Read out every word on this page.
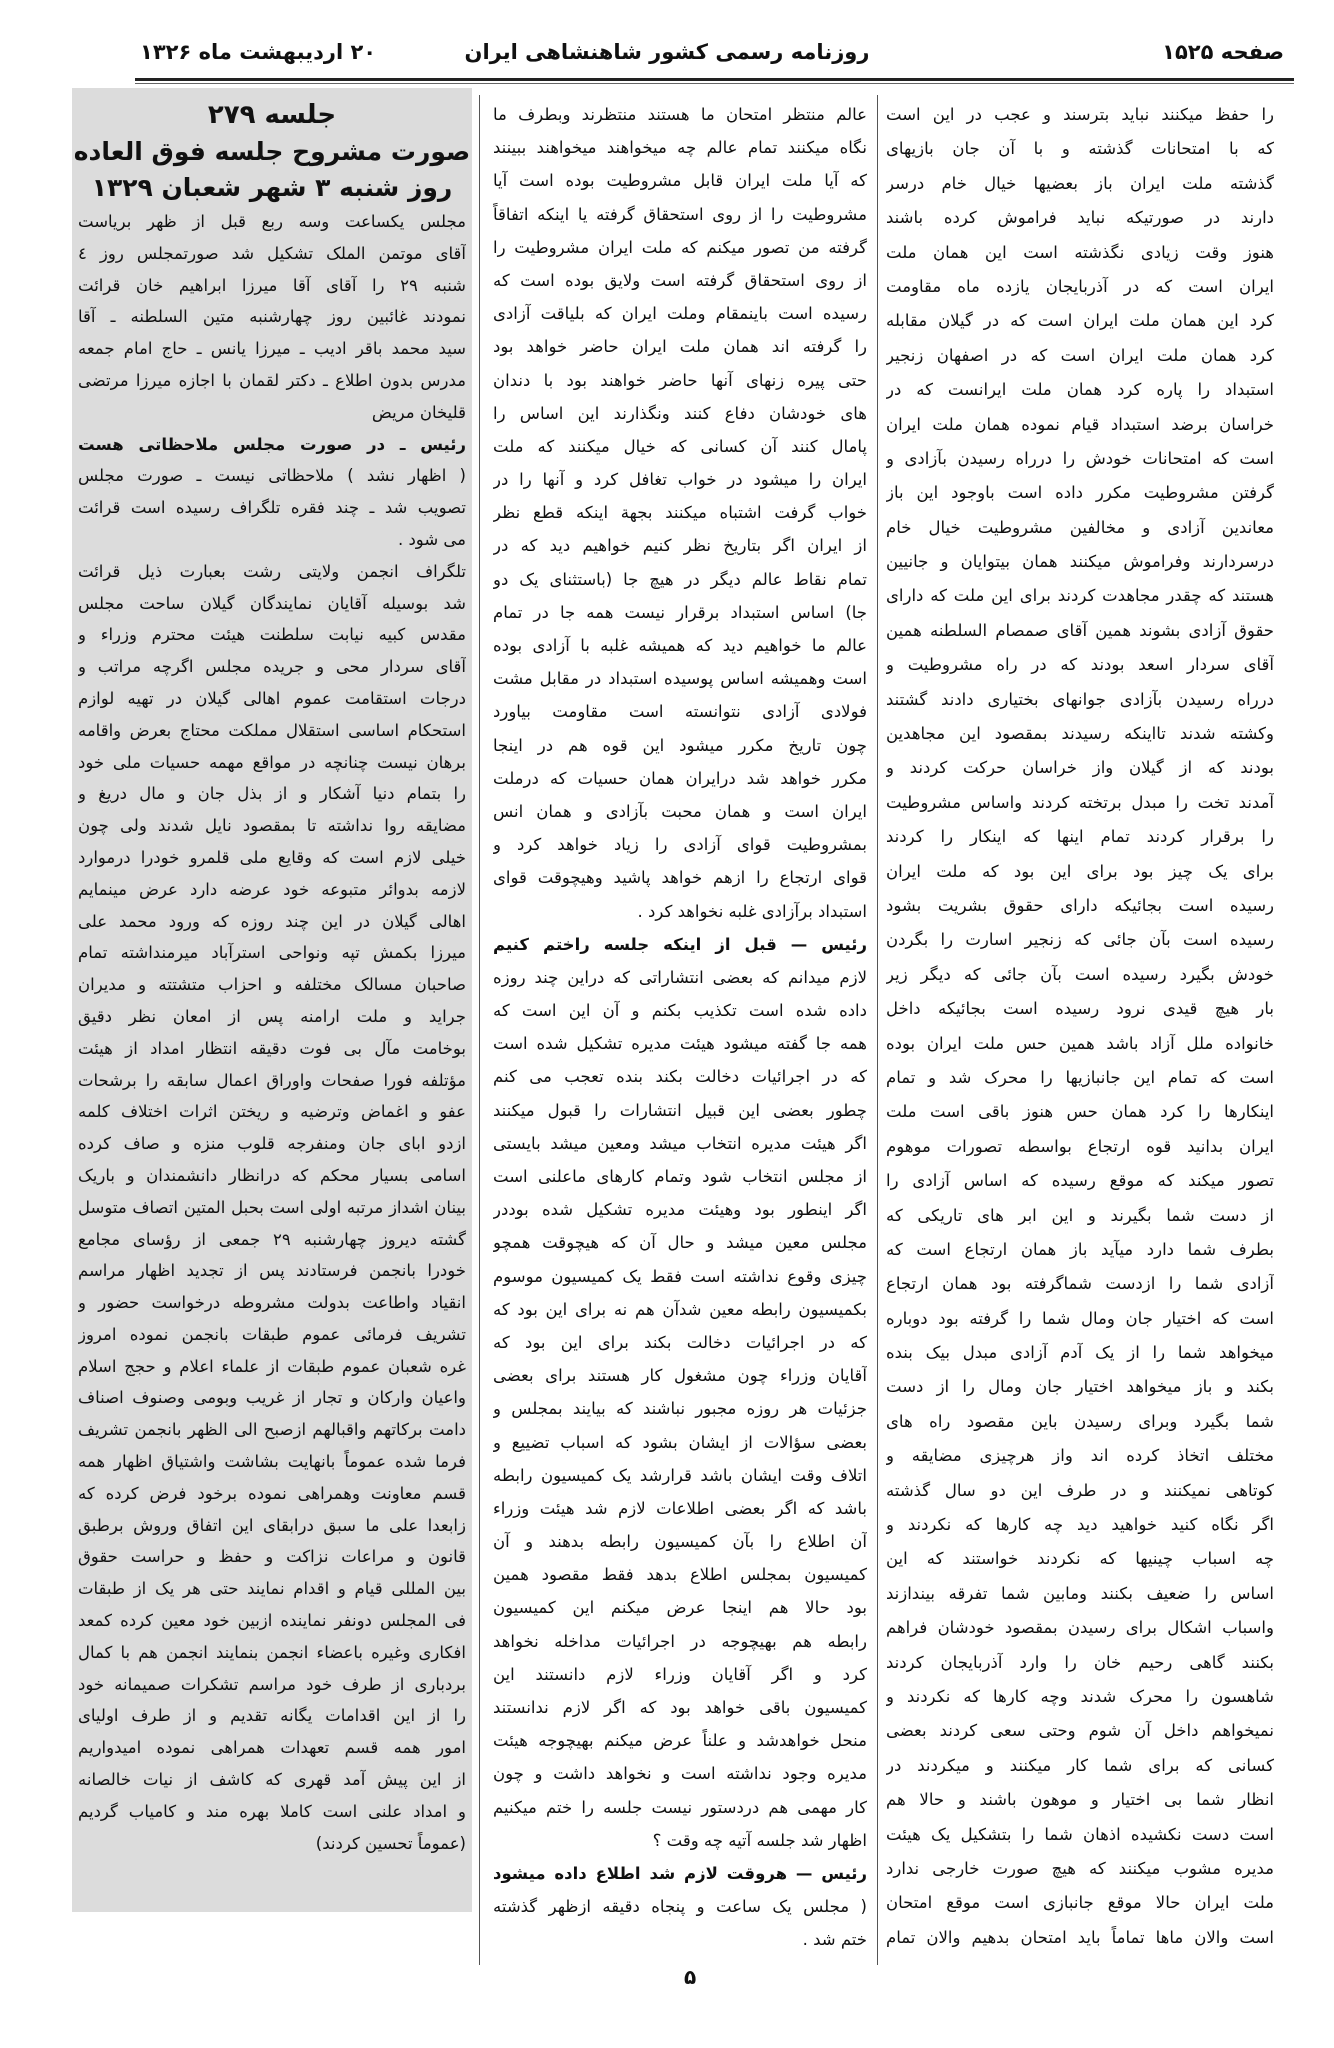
صفحه ۱۵۲۵
روزنامه رسمی کشور شاهنشاهی ایران
۲۰ اردیبهشت ماه ۱۳۲۶
جلسه ۲۷۹
صورت مشروح جلسه فوق العاده
روز شنبه ۳ شهر شعبان ۱۳۲۹
مجلس یکساعت وسه ربع قبل از ظهر بریاست
آقای موتمن الملک تشکیل شد صورتمجلس روز ٤
شنبه ۲۹ را آقای آقا میرزا ابراهیم خان قرائت
نمودند غائبین روز چهارشنبه متین السلطنه ـ آقا
سید محمد باقر ادیب ـ میرزا یانس ـ حاج امام جمعه
مدرس بدون اطلاع ـ دکتر لقمان با اجازه میرزا مرتضی
قلیخان مریض
رئیس ـ در صورت مجلس ملاحظاتی هست
( اظهار نشد ) ملاحظاتی نیست ـ صورت مجلس
تصویب شد ـ چند فقره تلگراف رسیده است قرائت
می شود .
تلگراف انجمن ولایتی رشت بعبارت ذیل قرائت
شد بوسیله آقایان نمایندگان گیلان ساحت مجلس
مقدس کبیه نیابت سلطنت هیئت محترم وزراء و
آقای سردار محی و جریده مجلس اگرچه مراتب و
درجات استقامت عموم اهالی گیلان در تهیه لوازم
استحکام اساسی استقلال مملکت محتاج بعرض واقامه
برهان نیست چنانچه در مواقع مهمه حسیات ملی خود
را بتمام دنیا آشکار و از بذل جان و مال دریغ و
مضایقه روا نداشته تا بمقصود نایل شدند ولی چون
خیلی لازم است که وقایع ملی قلمرو خودرا درموارد
لازمه بدوائر متبوعه خود عرضه دارد عرض مینمایم
اهالی گیلان در این چند روزه که ورود محمد علی
میرزا بکمش تپه ونواحی استرآباد میرمنداشته تمام
صاحبان مسالک مختلفه و احزاب متشتته و مدیران
جراید و ملت ارامنه پس از امعان نظر دقیق
بوخامت مآل بی فوت دقیقه انتظار امداد از هیئت
مؤتلفه فورا صفحات واوراق اعمال سابقه را برشحات
عفو و اغماض وترضیه و ریختن اثرات اختلاف کلمه
ازدو ابای جان ومنفرجه قلوب منزه و صاف کرده
اسامی بسیار محکم که درانظار دانشمندان و باریک
بینان اشداز مرتبه اولی است بحبل المتین اتصاف متوسل
گشته دیروز چهارشنبه ۲۹ جمعی از رؤسای مجامع
خودرا بانجمن فرستادند پس از تجدید اظهار مراسم
انقیاد واطاعت بدولت مشروطه درخواست حضور و
تشریف فرمائی عموم طبقات بانجمن نموده امروز
غره شعبان عموم طبقات از علماء اعلام و حجج اسلام
واعیان وارکان و تجار از غریب وبومی وصنوف اصناف
دامت برکاتهم واقبالهم ازصبح الی الظهر بانجمن تشریف
فرما شده عموماً بانهایت بشاشت واشتیاق اظهار همه
قسم معاونت وهمراهی نموده برخود فرض کرده که
زابعدا علی ما سبق درابقای این اتفاق وروش برطبق
قانون و مراعات نزاکت و حفظ و حراست حقوق
بین المللی قیام و اقدام نمایند حتی هر یک از طبقات
فی المجلس دونفر نماینده ازبین خود معین کرده کمعد
افکاری وغیره باعضاء انجمن بنمایند انجمن هم با کمال
بردباری از طرف خود مراسم تشکرات صمیمانه خود
را از این اقدامات یگانه تقدیم و از طرف اولیای
امور همه قسم تعهدات همراهی نموده امیدواریم
از این پیش آمد قهری که کاشف از نیات خالصانه
و امداد علنی است کاملا بهره مند و کامیاب گردیم
(عموماً تحسین کردند)
عالم منتظر امتحان ما هستند منتظرند وبطرف ما
نگاه میکنند تمام عالم چه میخواهند میخواهند ببینند
که آیا ملت ایران قابل مشروطیت بوده است آیا
مشروطیت را از روی استحقاق گرفته یا اینکه اتفاقاً
گرفته من تصور میکنم که ملت ایران مشروطیت را
از روی استحقاق گرفته است ولایق بوده است که
رسیده است باینمقام وملت ایران که بلیاقت آزادی
را گرفته اند همان ملت ایران حاضر خواهد بود
حتی پیره زنهای آنها حاضر خواهند بود با دندان
های خودشان دفاع کنند ونگذارند این اساس را
پامال کنند آن کسانی که خیال میکنند که ملت
ایران را میشود در خواب تغافل کرد و آنها را در
خواب گرفت اشتباه میکنند بجهة اینکه قطع نظر
از ایران اگر بتاریخ نظر کنیم خواهیم دید که در
تمام نقاط عالم دیگر در هیچ جا (باستثنای یک دو
جا) اساس استبداد برقرار نیست همه جا در تمام
عالم ما خواهیم دید که همیشه غلبه با آزادی بوده
است وهمیشه اساس پوسیده استبداد در مقابل مشت
فولادی آزادی نتوانسته است مقاومت بیاورد
چون تاریخ مکرر میشود این قوه هم در اینجا
مکرر خواهد شد درایران همان حسیات که درملت
ایران است و همان محبت بآزادی و همان انس
بمشروطیت قوای آزادی را زیاد خواهد کرد و
قوای ارتجاع را ازهم خواهد پاشید وهیچوقت قوای
استبداد برآزادی غلبه نخواهد کرد .
رئیس — قبل از اینکه جلسه راختم کنیم
لازم میدانم که بعضی انتشاراتی که دراین چند روزه
داده شده است تکذیب بکنم و آن این است که
همه جا گفته میشود هیئت مدیره تشکیل شده است
که در اجرائیات دخالت بکند بنده تعجب می کنم
چطور بعضی این قبیل انتشارات را قبول میکنند
اگر هیئت مدیره انتخاب میشد ومعین میشد بایستی
از مجلس انتخاب شود وتمام کارهای ماعلنی است
اگر اینطور بود وهیئت مدیره تشکیل شده بوددر
مجلس معین میشد و حال آن که هیچوقت همچو
چیزی وقوع نداشته است فقط یک کمیسیون موسوم
بکمیسیون رابطه معین شدآن هم نه برای این بود که
که در اجرائیات دخالت بکند برای این بود که
آقایان وزراء چون مشغول کار هستند برای بعضی
جزئیات هر روزه مجبور نباشند که بیایند بمجلس و
بعضی سؤالات از ایشان بشود که اسباب تضییع و
اتلاف وقت ایشان باشد قرارشد یک کمیسیون رابطه
باشد که اگر بعضی اطلاعات لازم شد هیئت وزراء
آن اطلاع را بآن کمیسیون رابطه بدهند و آن
کمیسیون بمجلس اطلاع بدهد فقط مقصود همین
بود حالا هم اینجا عرض میکنم این کمیسیون
رابطه هم بهیچوجه در اجرائیات مداخله نخواهد
کرد و اگر آقایان وزراء لازم دانستند این
کمیسیون باقی خواهد بود که اگر لازم ندانستند
منحل خواهدشد و علناً عرض میکنم بهیچوجه هیئت
مدیره وجود نداشته است و نخواهد داشت و چون
کار مهمی هم دردستور نیست جلسه را ختم میکنیم
اظهار شد جلسه آتیه چه وقت ؟
رئیس — هروقت لازم شد اطلاع داده میشود
( مجلس یک ساعت و پنجاه دقیقه ازظهر گذشته
ختم شد .
را حفظ میکنند نباید بترسند و عجب در این است
که با امتحانات گذشته و با آن جان بازیهای
گذشته ملت ایران باز بعضیها خیال خام درسر
دارند در صورتیکه نباید فراموش کرده باشند
هنوز وقت زیادی نگذشته است این همان ملت
ایران است که در آذربایجان یازده ماه مقاومت
کرد این همان ملت ایران است که در گیلان مقابله
کرد همان ملت ایران است که در اصفهان زنجیر
استبداد را پاره کرد همان ملت ایرانست که در
خراسان برضد استبداد قیام نموده همان ملت ایران
است که امتحانات خودش را درراه رسیدن بآزادی و
گرفتن مشروطیت مکرر داده است باوجود این باز
معاندین آزادی و مخالفین مشروطیت خیال خام
درسردارند وفراموش میکنند همان بیتوایان و جانیین
هستند که چقدر مجاهدت کردند برای این ملت که دارای
حقوق آزادی بشوند همین آقای صمصام السلطنه همین
آقای سردار اسعد بودند که در راه مشروطیت و
درراه رسیدن بآزادی جوانهای بختیاری دادند گشتند
وکشته شدند تااینکه رسیدند بمقصود این مجاهدین
بودند که از گیلان واز خراسان حرکت کردند و
آمدند تخت را مبدل برتخته کردند واساس مشروطیت
را برقرار کردند تمام اینها که اینکار را کردند
برای یک چیز بود برای این بود که ملت ایران
رسیده است بجائیکه دارای حقوق بشریت بشود
رسیده است بآن جائی که زنجیر اسارت را بگردن
خودش بگیرد رسیده است بآن جائی که دیگر زیر
بار هیچ قیدی نرود رسیده است بجائیکه داخل
خانواده ملل آزاد باشد همین حس ملت ایران بوده
است که تمام این جانبازیها را محرک شد و تمام
اینکارها را کرد همان حس هنوز باقی است ملت
ایران بدانید قوه ارتجاع بواسطه تصورات موهوم
تصور میکند که موقع رسیده که اساس آزادی را
از دست شما بگیرند و این ابر های تاریکی که
بطرف شما دارد میآید باز همان ارتجاع است که
آزادی شما را ازدست شماگرفته بود همان ارتجاع
است که اختیار جان ومال شما را گرفته بود دوباره
میخواهد شما را از یک آدم آزادی مبدل بیک بنده
بکند و باز میخواهد اختیار جان ومال را از دست
شما بگیرد وبرای رسیدن باین مقصود راه های
مختلف اتخاذ کرده اند واز هرچیزی مضایقه و
کوتاهی نمیکنند و در طرف این دو سال گذشته
اگر نگاه کنید خواهید دید چه کارها که نکردند و
چه اسباب چینیها که نکردند خواستند که این
اساس را ضعیف بکنند ومابین شما تفرقه بیندازند
واسباب اشکال برای رسیدن بمقصود خودشان فراهم
بکنند گاهی رحیم خان را وارد آذربایجان کردند
شاهسون را محرک شدند وچه کارها که نکردند و
نمیخواهم داخل آن شوم وحتی سعی کردند بعضی
کسانی که برای شما کار میکنند و میکردند در
انظار شما بی اختیار و موهون باشند و حالا هم
است دست نکشیده اذهان شما را بتشکیل یک هیئت
مدیره مشوب میکنند که هیچ صورت خارجی ندارد
ملت ایران حالا موقع جانبازی است موقع امتحان
است والان ماها تماماً باید امتحان بدهیم والان تمام
۵
